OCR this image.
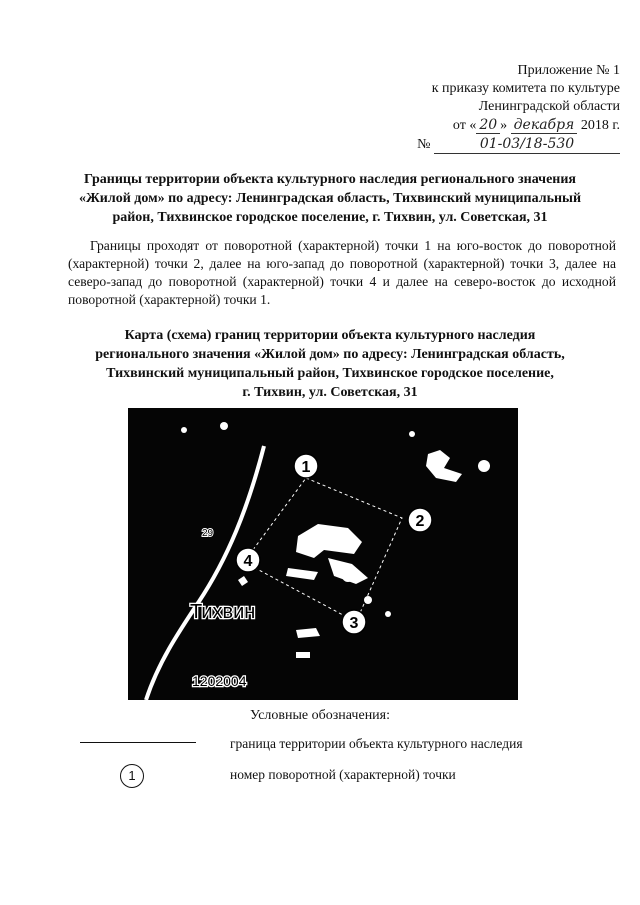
Приложение № 1
к приказу комитета по культуре
Ленинградской области
от « 20 » декабря 2018 г.
№	01-03/18-530
Границы территории объекта культурного наследия регионального значения
«Жилой дом» по адресу: Ленинградская область, Тихвинский муниципальный
район, Тихвинское городское поселение, г. Тихвин, ул. Советская, 31
Границы проходят от поворотной (характерной) точки 1 на юго-восток до поворотной (характерной) точки 2, далее на юго-запад до поворотной (характерной) точки 3, далее на северо-запад до поворотной (характерной) точки 4 и далее на северо-восток до исходной поворотной (характерной) точки 1.
Карта (схема) границ территории объекта культурного наследия
регионального значения «Жилой дом» по адресу: Ленинградская область,
Тихвинский муниципальный район, Тихвинское городское поселение,
г. Тихвин, ул. Советская, 31
1
2
3
4
Тихвин
1202004
29
Условные обозначения:
граница территории объекта культурного наследия
1	номер поворотной (характерной) точки
